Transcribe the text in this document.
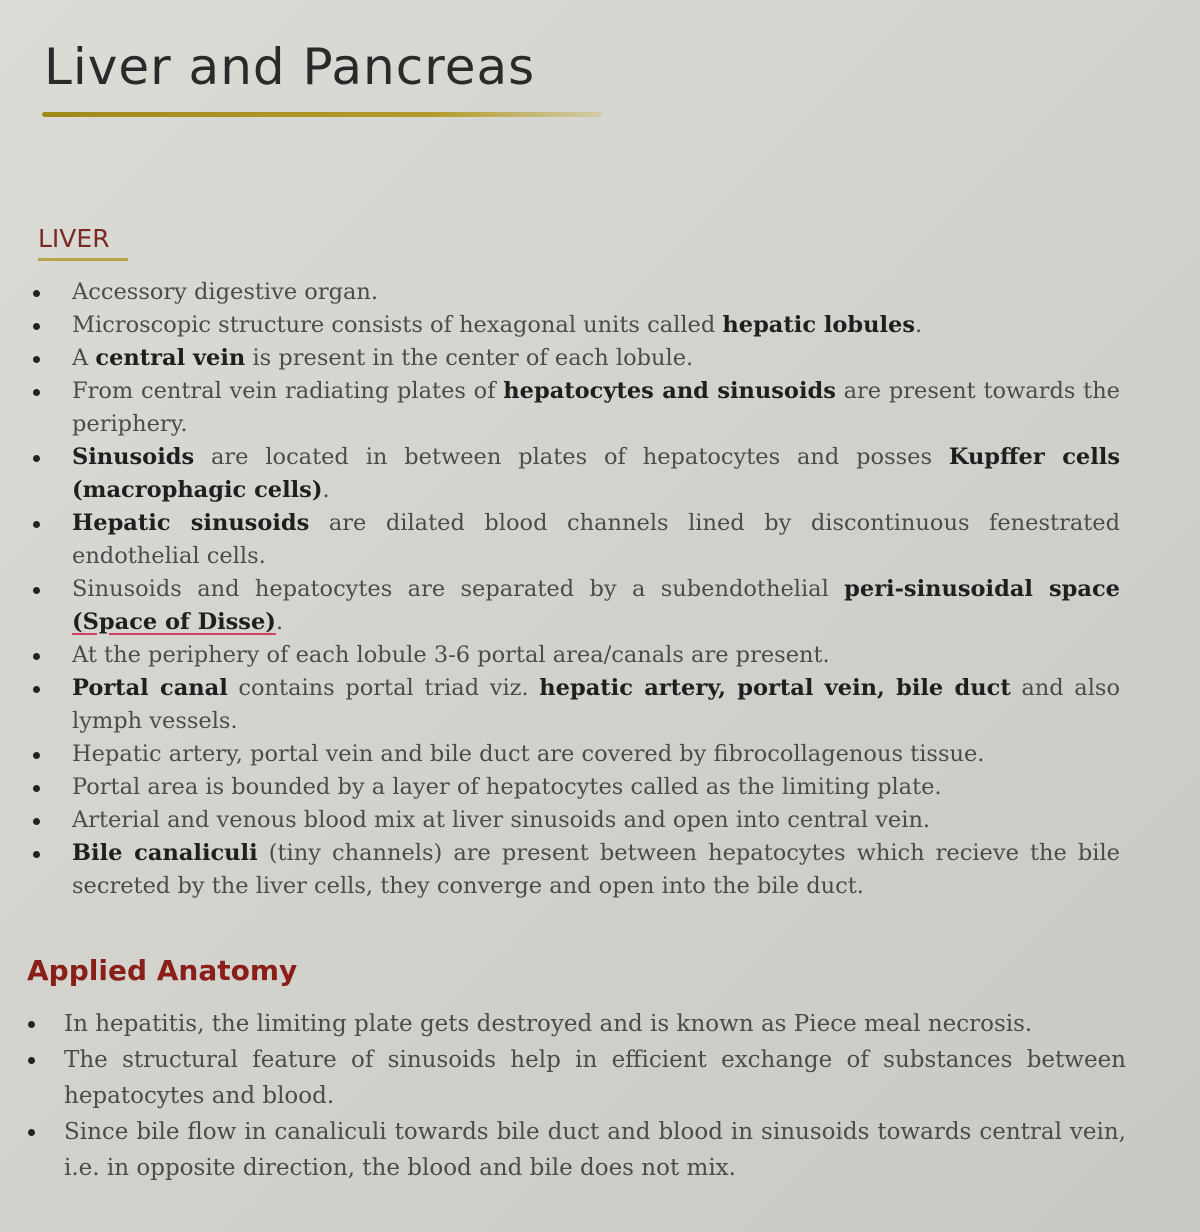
Liver and Pancreas
LIVER
Accessory digestive organ.
Microscopic structure consists of hexagonal units called hepatic lobules.
A central vein is present in the center of each lobule.
From central vein radiating plates of hepatocytes and sinusoids are present towards the periphery.
Sinusoids are located in between plates of hepatocytes and posses Kupffer cells (macrophagic cells).
Hepatic sinusoids are dilated blood channels lined by discontinuous fenestrated endothelial cells.
Sinusoids and hepatocytes are separated by a subendothelial peri-sinusoidal space (Space of Disse).
At the periphery of each lobule 3-6 portal area/canals are present.
Portal canal contains portal triad viz. hepatic artery, portal vein, bile duct and also lymph vessels.
Hepatic artery, portal vein and bile duct are covered by fibrocollagenous tissue.
Portal area is bounded by a layer of hepatocytes called as the limiting plate.
Arterial and venous blood mix at liver sinusoids and open into central vein.
Bile canaliculi (tiny channels) are present between hepatocytes which recieve the bile secreted by the liver cells, they converge and open into the bile duct.
Applied Anatomy
In hepatitis, the limiting plate gets destroyed and is known as Piece meal necrosis.
The structural feature of sinusoids help in efficient exchange of substances between hepatocytes and blood.
Since bile flow in canaliculi towards bile duct and blood in sinusoids towards central vein, i.e. in opposite direction, the blood and bile does not mix.
